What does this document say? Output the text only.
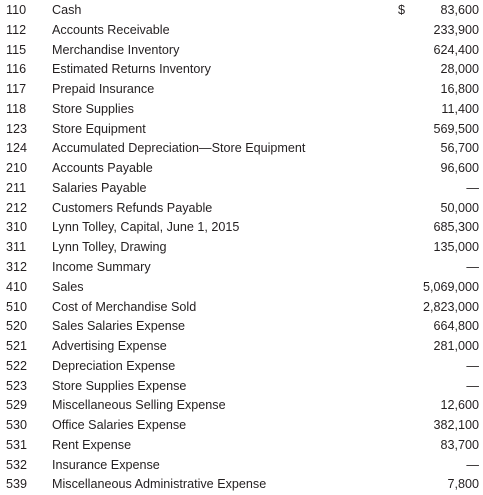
110 Cash	$	83,600
112 Accounts Receivable	233,900
115 Merchandise Inventory	624,400
116 Estimated Returns Inventory	28,000
117 Prepaid Insurance	16,800
118 Store Supplies	11,400
123 Store Equipment	569,500
124 Accumulated Depreciation—Store Equipment	56,700
210 Accounts Payable	96,600
211 Salaries Payable	—
212 Customers Refunds Payable	50,000
310 Lynn Tolley, Capital, June 1, 2015	685,300
311 Lynn Tolley, Drawing	135,000
312 Income Summary	—
410 Sales	5,069,000
510 Cost of Merchandise Sold	2,823,000
520 Sales Salaries Expense	664,800
521 Advertising Expense	281,000
522 Depreciation Expense	—
523 Store Supplies Expense	—
529 Miscellaneous Selling Expense	12,600
530 Office Salaries Expense	382,100
531 Rent Expense	83,700
532 Insurance Expense	—
539 Miscellaneous Administrative Expense	7,800
